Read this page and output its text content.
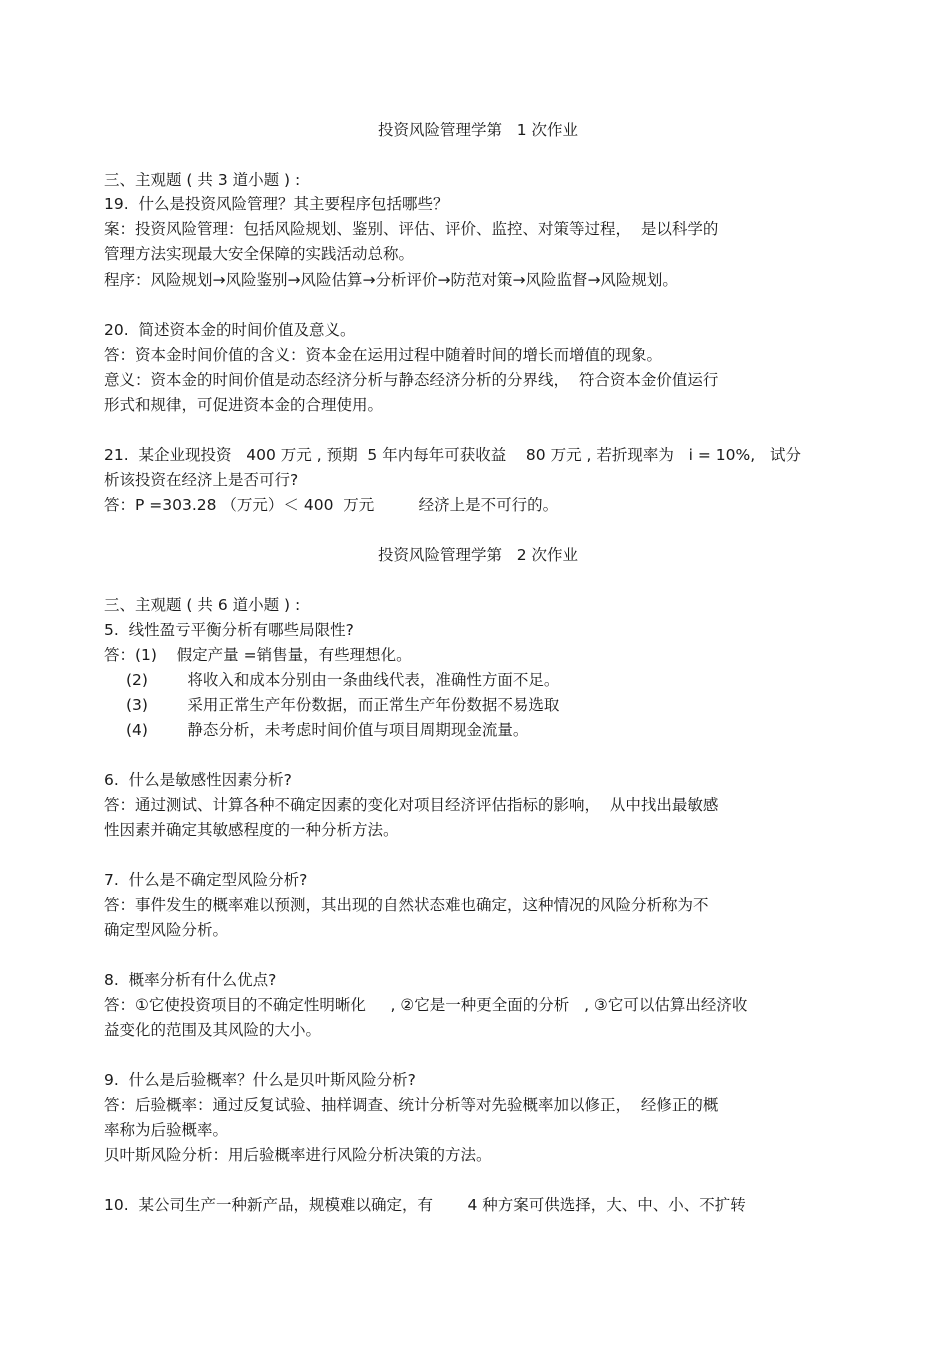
投资风险管理学第   1 次作业
三、主观题 ( 共 3 道小题 ) :
19.  什么是投资风险管理？其主要程序包括哪些？
案：投资风险管理：包括风险规划、鉴别、评估、评价、监控、对策等过程，  是以科学的
管理方法实现最大安全保障的实践活动总称。
程序：风险规划→风险鉴别→风险估算→分析评价→防范对策→风险监督→风险规划。
20.  简述资本金的时间价值及意义。
答：资本金时间价值的含义：资本金在运用过程中随着时间的增长而增值的现象。
意义：资本金的时间价值是动态经济分析与静态经济分析的分界线，  符合资本金价值运行
形式和规律，可促进资本金的合理使用。
21.  某企业现投资   400 万元 , 预期  5 年内每年可获收益    80 万元 , 若折现率为   i = 10%,   试分
析该投资在经济上是否可行?
答：P =303.28 （万元）＜ 400  万元         经济上是不可行的。
投资风险管理学第   2 次作业
三、主观题 ( 共 6 道小题 ) :
5.  线性盈亏平衡分析有哪些局限性?
答：(1)    假定产量 =销售量，有些理想化。
(2)        将收入和成本分别由一条曲线代表，准确性方面不足。
(3)        采用正常生产年份数据，而正常生产年份数据不易选取
(4)        静态分析，未考虑时间价值与项目周期现金流量。
6.  什么是敏感性因素分析?
答：通过测试、计算各种不确定因素的变化对项目经济评估指标的影响，  从中找出最敏感
性因素并确定其敏感程度的一种分析方法。
7.  什么是不确定型风险分析?
答：事件发生的概率难以预测，其出现的自然状态难也确定，这种情况的风险分析称为不
确定型风险分析。
8.  概率分析有什么优点?
答：①它使投资项目的不确定性明晰化     , ②它是一种更全面的分析   , ③它可以估算出经济收
益变化的范围及其风险的大小。
9.  什么是后验概率？什么是贝叶斯风险分析?
答：后验概率：通过反复试验、抽样调查、统计分析等对先验概率加以修正，  经修正的概
率称为后验概率。
贝叶斯风险分析：用后验概率进行风险分析决策的方法。
10.  某公司生产一种新产品，规模难以确定，有       4 种方案可供选择，大、中、小、不扩转
